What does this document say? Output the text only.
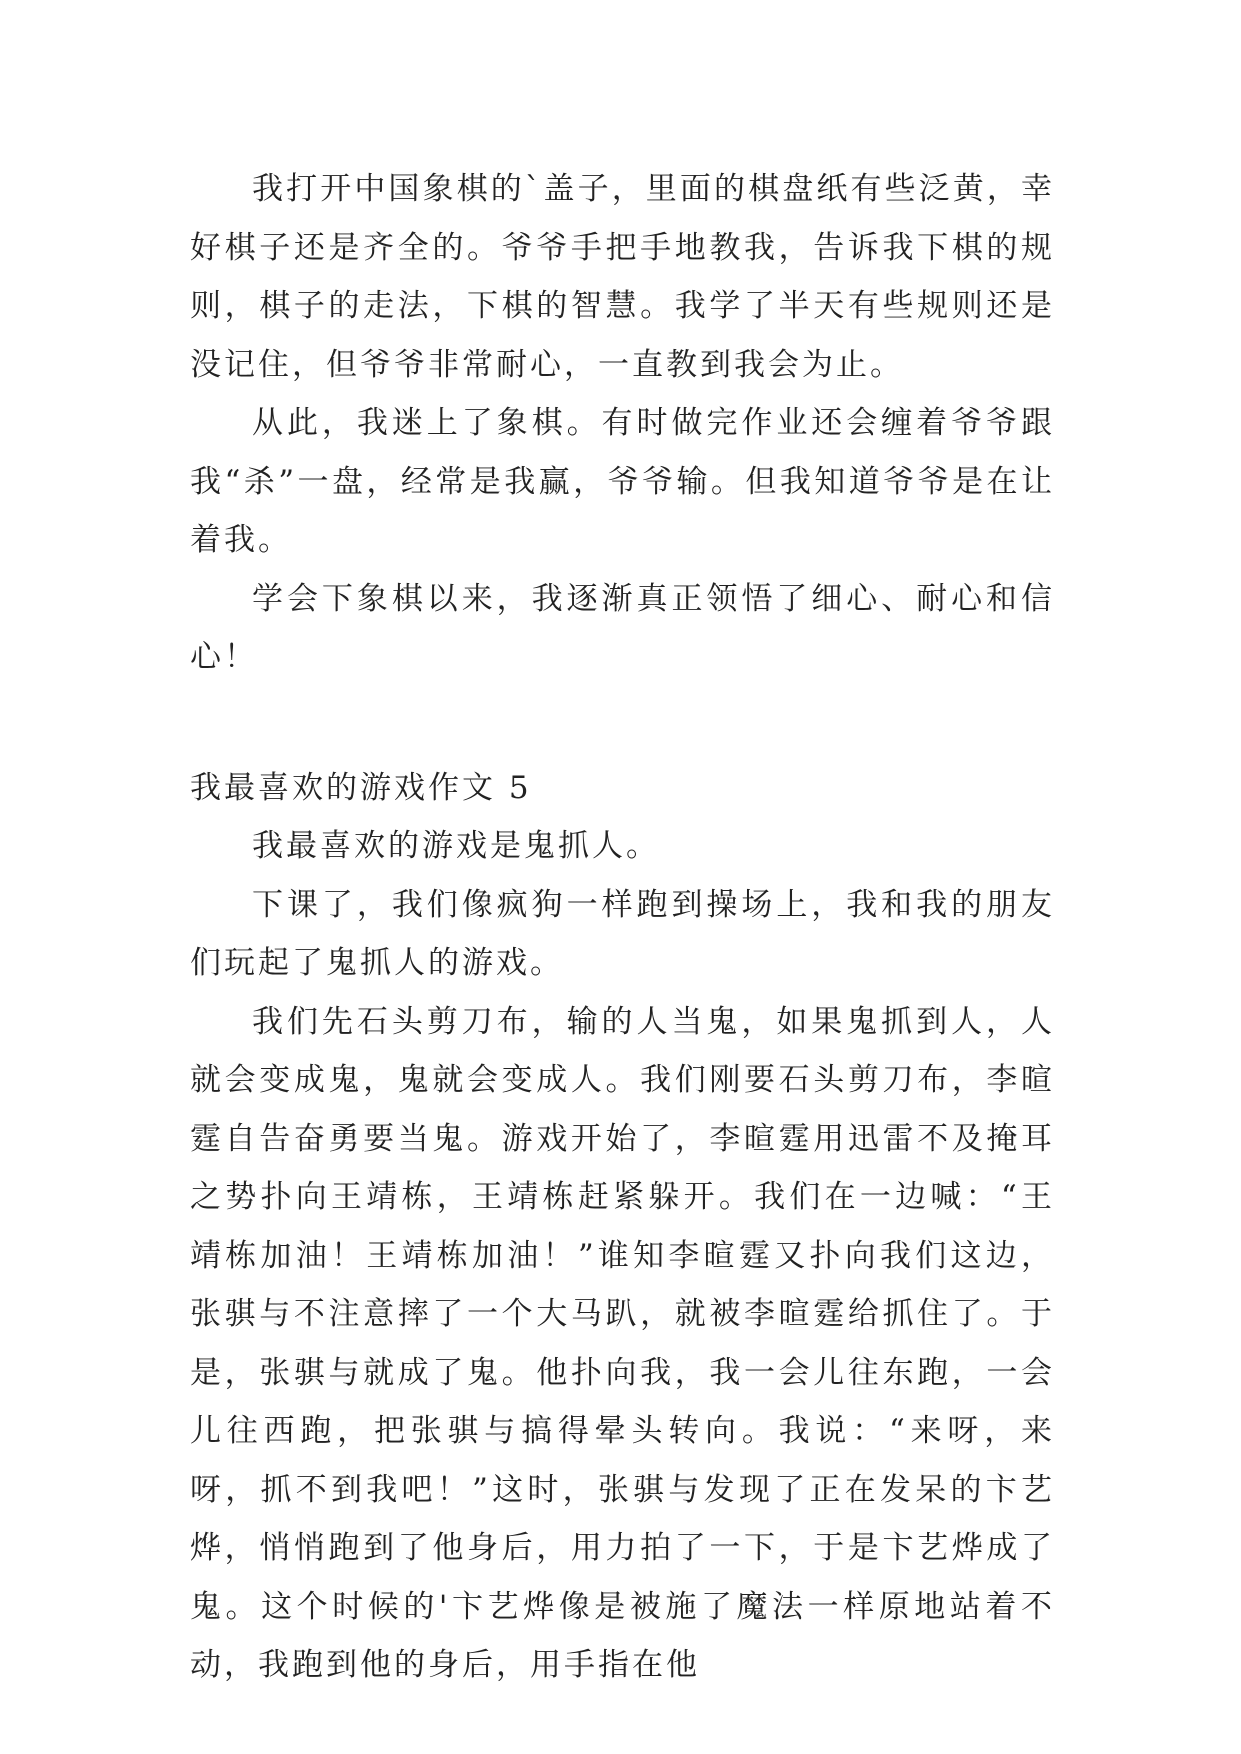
我打开中国象棋的`盖子，里面的棋盘纸有些泛黄，幸好棋子还是齐全的。爷爷手把手地教我，告诉我下棋的规则，棋子的走法，下棋的智慧。我学了半天有些规则还是没记住，但爷爷非常耐心，一直教到我会为止。

从此，我迷上了象棋。有时做完作业还会缠着爷爷跟我“杀”一盘，经常是我赢，爷爷输。但我知道爷爷是在让着我。

学会下象棋以来，我逐渐真正领悟了细心、耐心和信心！

我最喜欢的游戏作文 5

我最喜欢的游戏是鬼抓人。

下课了，我们像疯狗一样跑到操场上，我和我的朋友们玩起了鬼抓人的游戏。

我们先石头剪刀布，输的人当鬼，如果鬼抓到人，人就会变成鬼，鬼就会变成人。我们刚要石头剪刀布，李暄霆自告奋勇要当鬼。游戏开始了，李暄霆用迅雷不及掩耳之势扑向王靖栋，王靖栋赶紧躲开。我们在一边喊：“王靖栋加油！王靖栋加油！”谁知李暄霆又扑向我们这边，张骐与不注意摔了一个大马趴，就被李暄霆给抓住了。于是，张骐与就成了鬼。他扑向我，我一会儿往东跑，一会儿往西跑，把张骐与搞得晕头转向。我说：“来呀，来呀，抓不到我吧！”这时，张骐与发现了正在发呆的卞艺烨，悄悄跑到了他身后，用力拍了一下，于是卞艺烨成了鬼。这个时候的'卞艺烨像是被施了魔法一样原地站着不动，我跑到他的身后，用手指在他
